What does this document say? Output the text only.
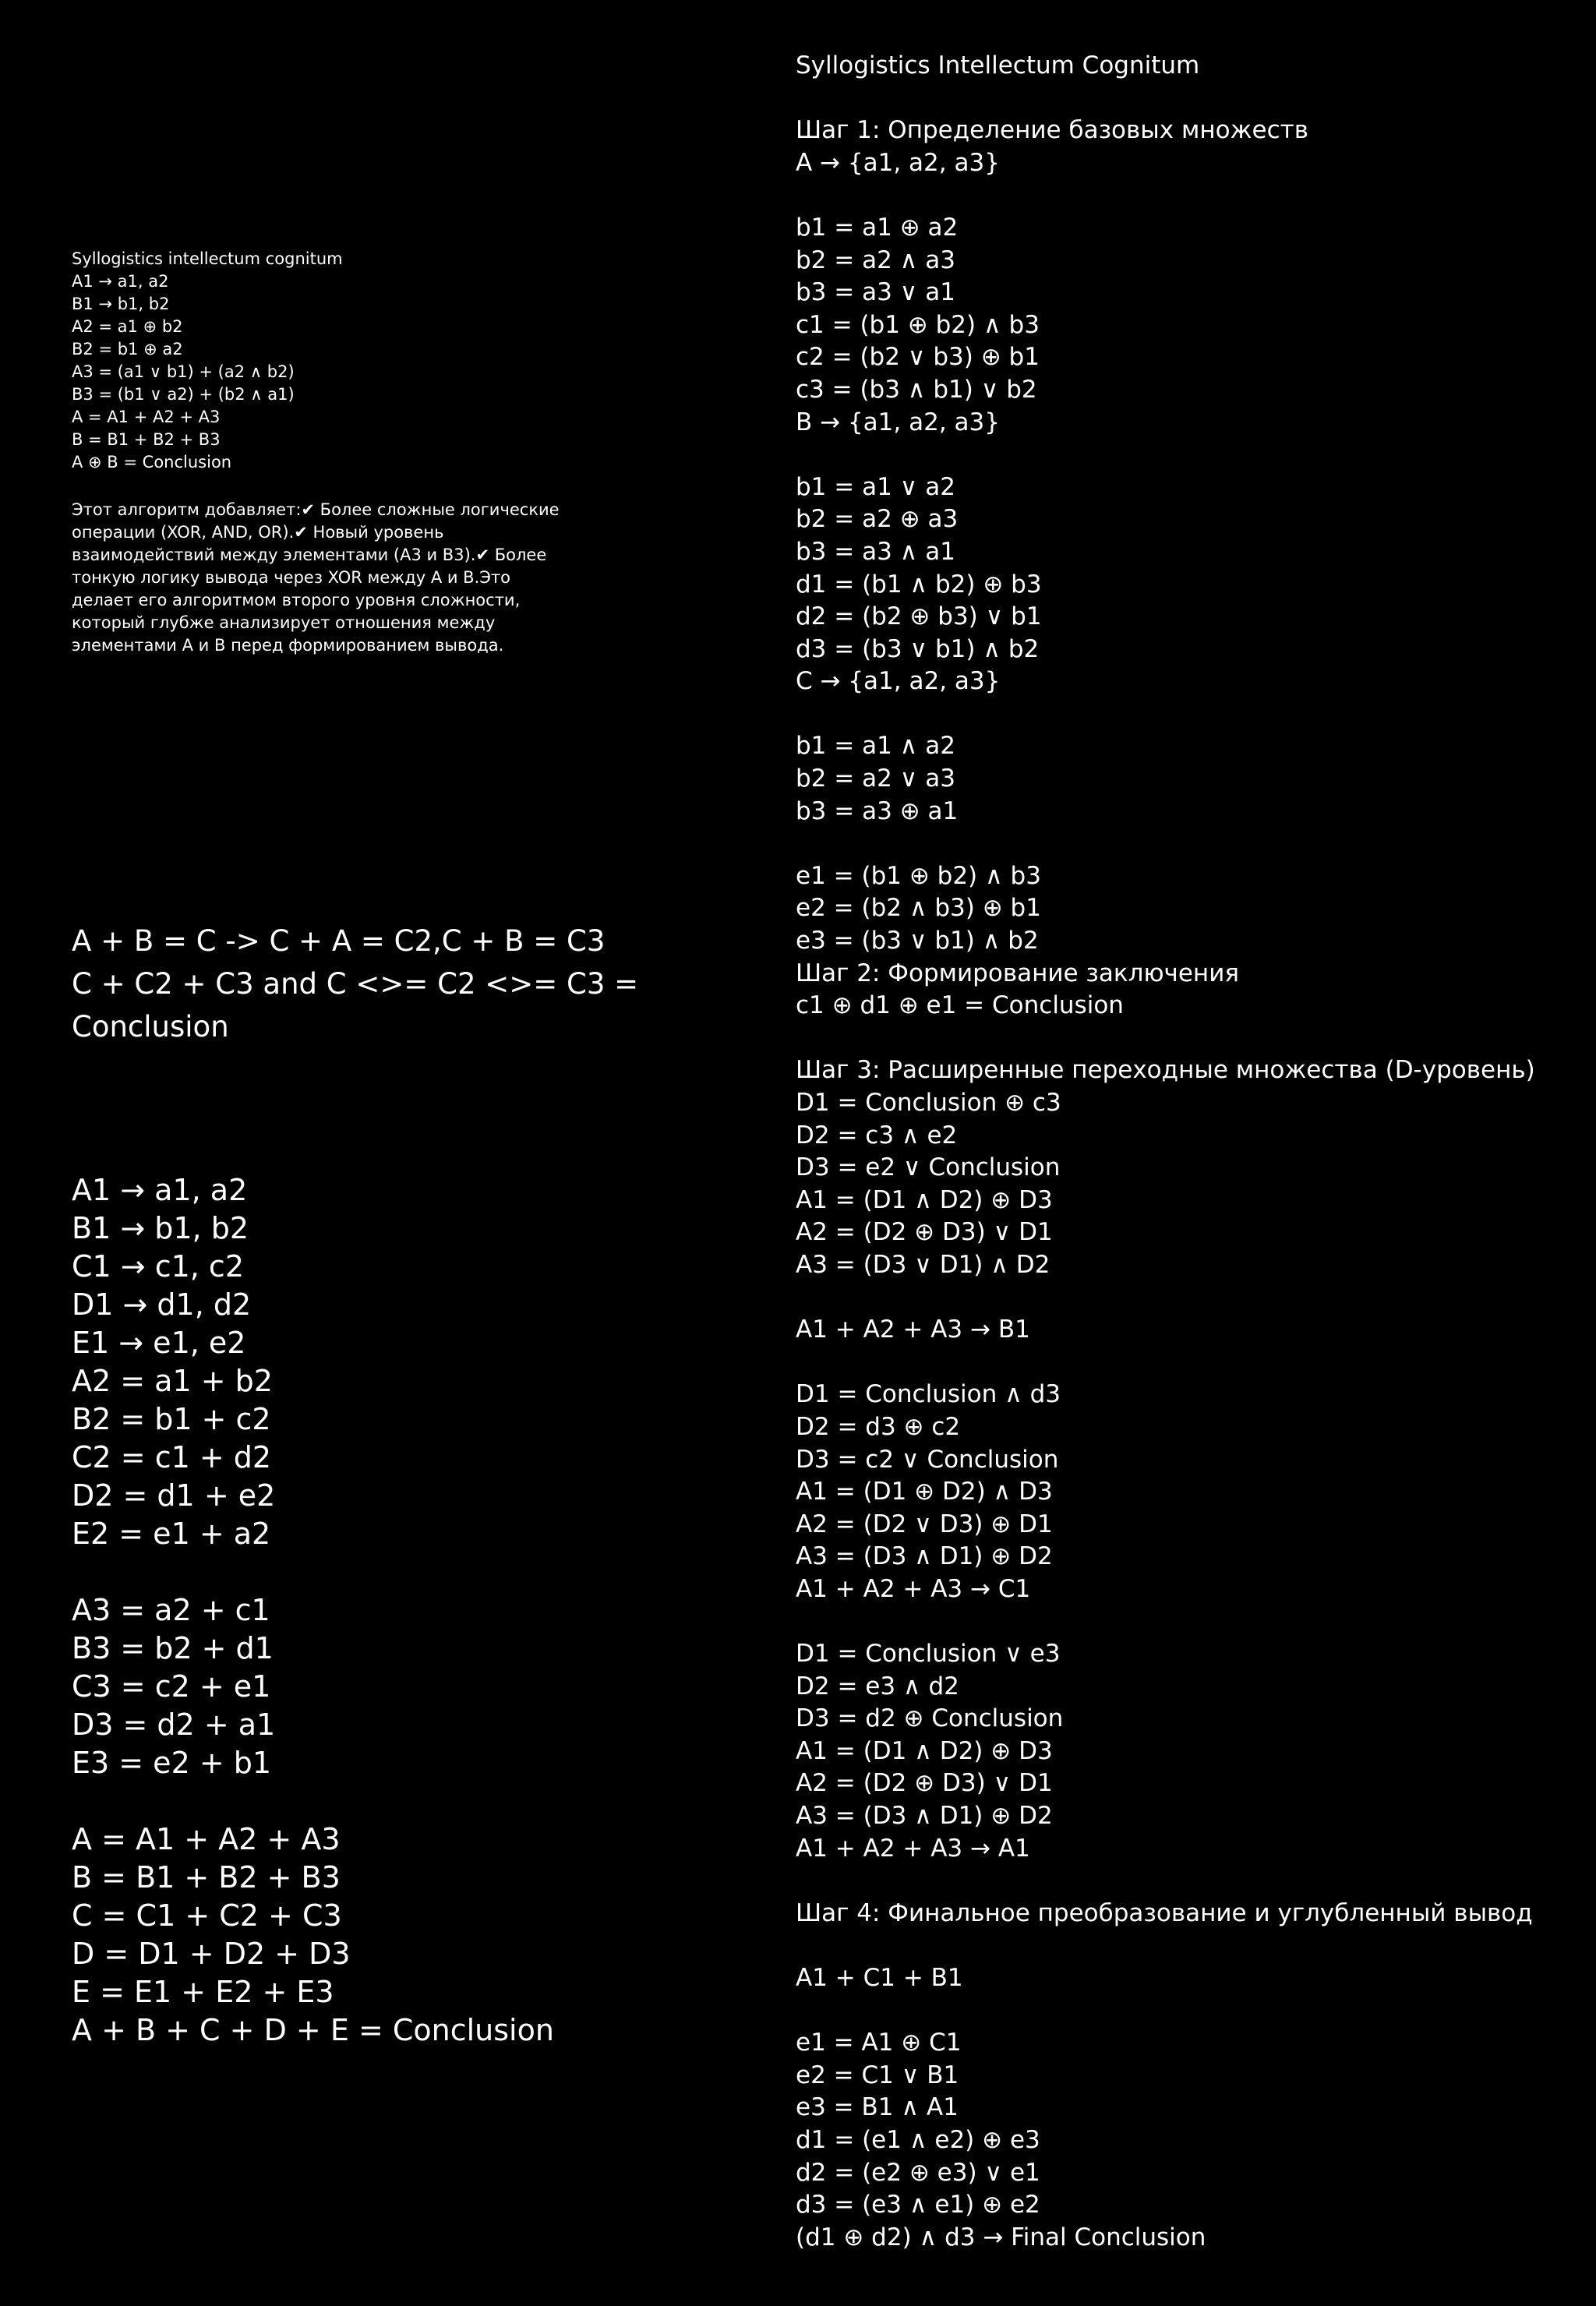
Syllogistics intellectum cognitum
A1 → a1, a2
B1 → b1, b2
A2 = a1 ⊕ b2
B2 = b1 ⊕ a2
A3 = (a1 ∨ b1) + (a2 ∧ b2)
B3 = (b1 ∨ a2) + (b2 ∧ a1)
A = A1 + A2 + A3
B = B1 + B2 + B3
A ⊕ B = Conclusion
Этот алгоритм добавляет:✔ Более сложные логические
операции (XOR, AND, OR).✔ Новый уровень
взаимодействий между элементами (A3 и B3).✔ Более
тонкую логику вывода через XOR между A и B.Это
делает его алгоритмом второго уровня сложности,
который глубже анализирует отношения между
элементами A и B перед формированием вывода.
A + B = C -> C + A = C2,C + B = C3
C + C2 + C3 and C <>= C2 <>= C3 =
Conclusion
A1 → a1, a2
B1 → b1, b2
C1 → c1, c2
D1 → d1, d2
E1 → e1, e2
A2 = a1 + b2
B2 = b1 + c2
C2 = c1 + d2
D2 = d1 + e2
E2 = e1 + a2
A3 = a2 + c1
B3 = b2 + d1
C3 = c2 + e1
D3 = d2 + a1
E3 = e2 + b1
A = A1 + A2 + A3
B = B1 + B2 + B3
C = C1 + C2 + C3
D = D1 + D2 + D3
E = E1 + E2 + E3
A + B + C + D + E = Conclusion
Syllogistics Intellectum Cognitum
Шаг 1: Определение базовых множеств
A → {a1, a2, a3}
b1 = a1 ⊕ a2
b2 = a2 ∧ a3
b3 = a3 ∨ a1
c1 = (b1 ⊕ b2) ∧ b3
c2 = (b2 ∨ b3) ⊕ b1
c3 = (b3 ∧ b1) ∨ b2
B → {a1, a2, a3}
b1 = a1 ∨ a2
b2 = a2 ⊕ a3
b3 = a3 ∧ a1
d1 = (b1 ∧ b2) ⊕ b3
d2 = (b2 ⊕ b3) ∨ b1
d3 = (b3 ∨ b1) ∧ b2
C → {a1, a2, a3}
b1 = a1 ∧ a2
b2 = a2 ∨ a3
b3 = a3 ⊕ a1
e1 = (b1 ⊕ b2) ∧ b3
e2 = (b2 ∧ b3) ⊕ b1
e3 = (b3 ∨ b1) ∧ b2
Шаг 2: Формирование заключения
c1 ⊕ d1 ⊕ e1 = Conclusion
Шаг 3: Расширенные переходные множества (D-уровень)
D1 = Conclusion ⊕ c3
D2 = c3 ∧ e2
D3 = e2 ∨ Conclusion
A1 = (D1 ∧ D2) ⊕ D3
A2 = (D2 ⊕ D3) ∨ D1
A3 = (D3 ∨ D1) ∧ D2
A1 + A2 + A3 → B1
D1 = Conclusion ∧ d3
D2 = d3 ⊕ c2
D3 = c2 ∨ Conclusion
A1 = (D1 ⊕ D2) ∧ D3
A2 = (D2 ∨ D3) ⊕ D1
A3 = (D3 ∧ D1) ⊕ D2
A1 + A2 + A3 → C1
D1 = Conclusion ∨ e3
D2 = e3 ∧ d2
D3 = d2 ⊕ Conclusion
A1 = (D1 ∧ D2) ⊕ D3
A2 = (D2 ⊕ D3) ∨ D1
A3 = (D3 ∧ D1) ⊕ D2
A1 + A2 + A3 → A1
Шаг 4: Финальное преобразование и углубленный вывод
A1 + C1 + B1
e1 = A1 ⊕ C1
e2 = C1 ∨ B1
e3 = B1 ∧ A1
d1 = (e1 ∧ e2) ⊕ e3
d2 = (e2 ⊕ e3) ∨ e1
d3 = (e3 ∧ e1) ⊕ e2
(d1 ⊕ d2) ∧ d3 → Final Conclusion
